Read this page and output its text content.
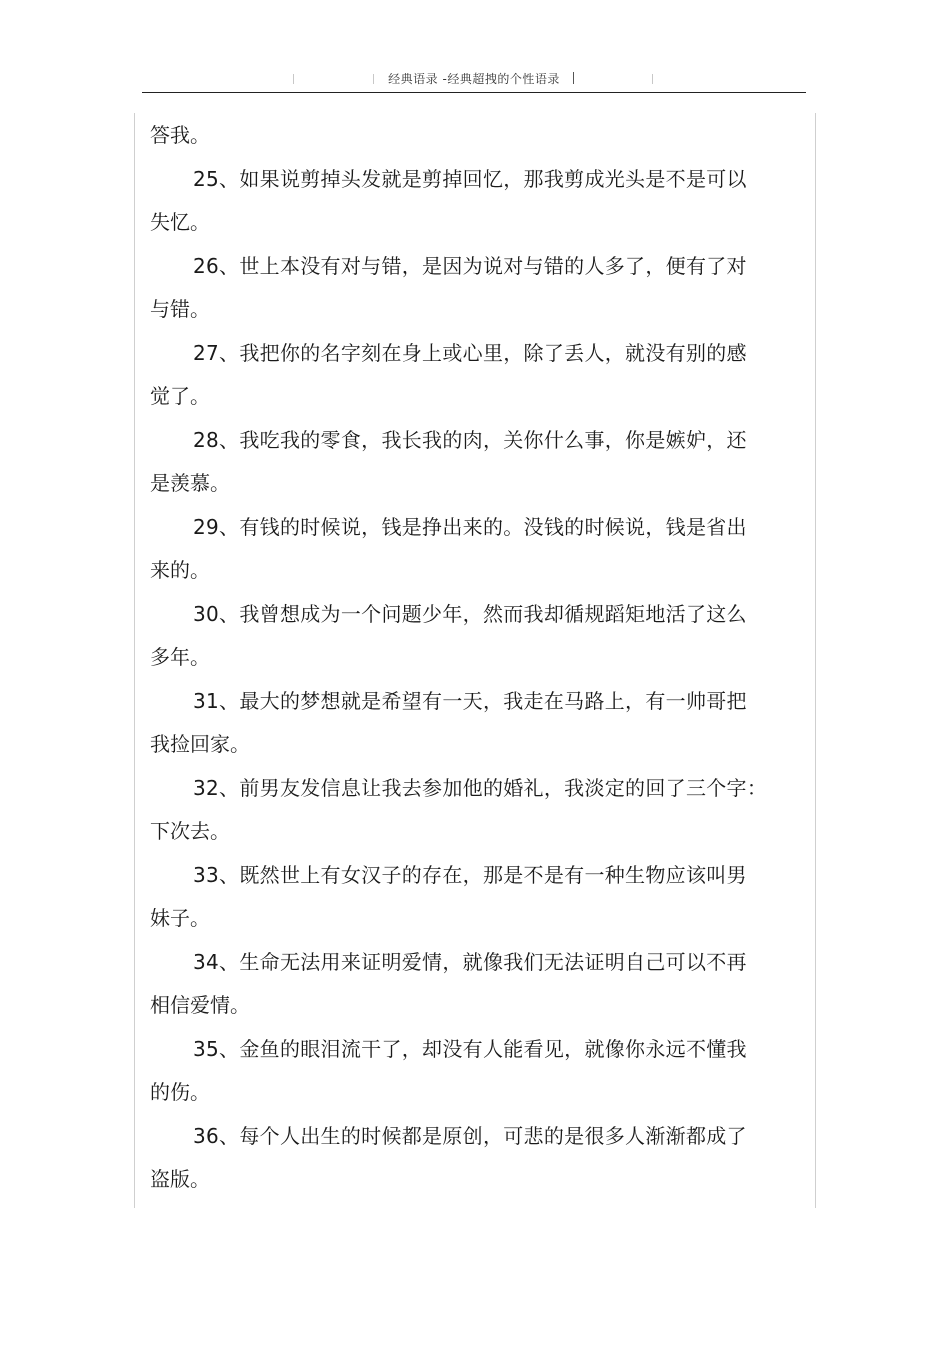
经典语录 -经典超拽的个性语录

答我。

25、如果说剪掉头发就是剪掉回忆，那我剪成光头是不是可以
失忆。
26、世上本没有对与错，是因为说对与错的人多了，便有了对
与错。
27、我把你的名字刻在身上或心里，除了丢人，就没有别的感
觉了。
28、我吃我的零食，我长我的肉，关你什么事，你是嫉妒，还
是羡慕。
29、有钱的时候说，钱是挣出来的。没钱的时候说，钱是省出
来的。
30、我曾想成为一个问题少年，然而我却循规蹈矩地活了这么
多年。
31、最大的梦想就是希望有一天，我走在马路上，有一帅哥把
我捡回家。
32、前男友发信息让我去参加他的婚礼，我淡定的回了三个字：
下次去。
33、既然世上有女汉子的存在，那是不是有一种生物应该叫男
妹子。
34、生命无法用来证明爱情，就像我们无法证明自己可以不再
相信爱情。
35、金鱼的眼泪流干了，却没有人能看见，就像你永远不懂我
的伤。
36、每个人出生的时候都是原创，可悲的是很多人渐渐都成了
盗版。
